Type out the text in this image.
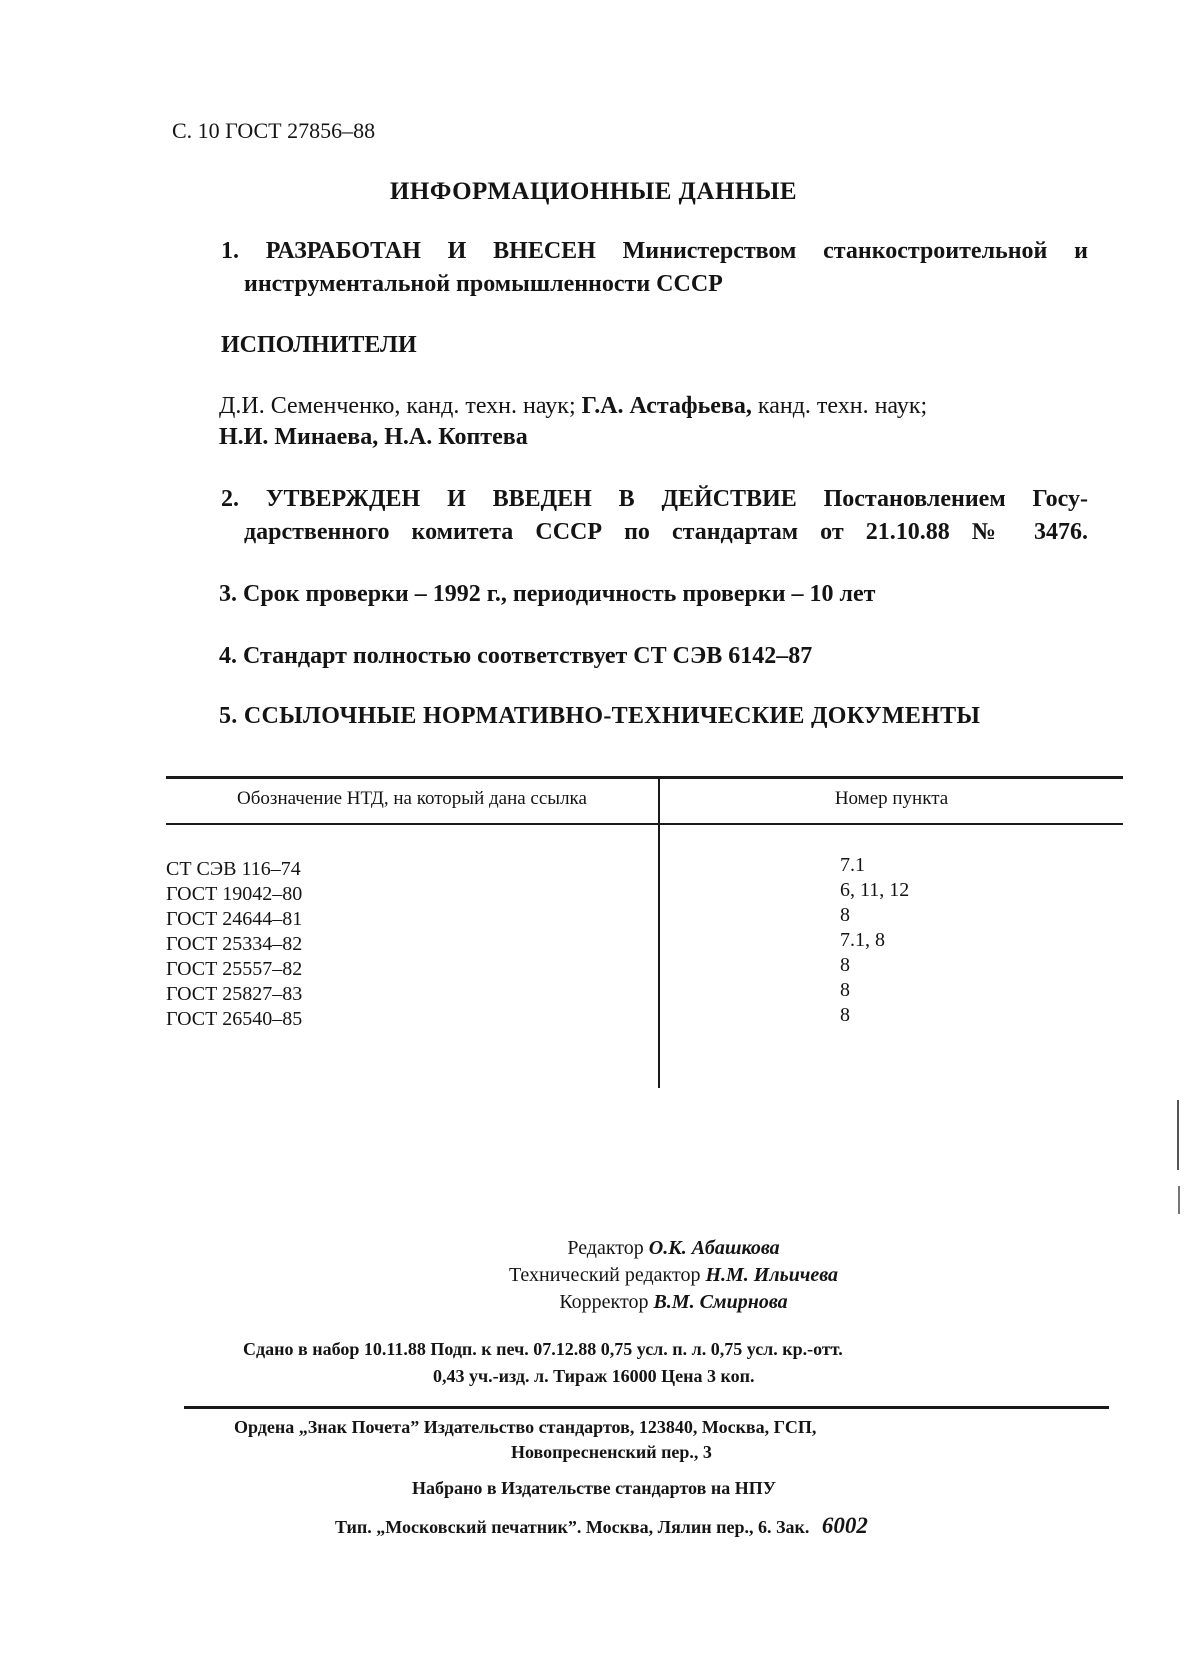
С. 10 ГОСТ 27856–88
ИНФОРМАЦИОННЫЕ ДАННЫЕ
1. РАЗРАБОТАН И ВНЕСЕН Министерством станкостроительной и
инструментальной промышленности СССР
ИСПОЛНИТЕЛИ
Д.И. Семенченко, канд. техн. наук; Г.А. Астафьева, канд. техн. наук;
Н.И. Минаева, Н.А. Коптева
2. УТВЕРЖДЕН И ВВЕДЕН В ДЕЙСТВИЕ Постановлением Госу-
дарственного комитета СССР по стандартам от 21.10.88 № 3476.
3. Срок проверки – 1992 г., периодичность проверки – 10 лет
4. Стандарт полностью соответствует СТ СЭВ 6142–87
5. ССЫЛОЧНЫЕ НОРМАТИВНО-ТЕХНИЧЕСКИЕ ДОКУМЕНТЫ
Обозначение НТД, на который дана ссылка	Номер пункта
СТ СЭВ 116–74	7.1
ГОСТ 19042–80	6, 11, 12
ГОСТ 24644–81	8
ГОСТ 25334–82	7.1, 8
ГОСТ 25557–82	8
ГОСТ 25827–83	8
ГОСТ 26540–85	8
Редактор О.К. Абашкова
Технический редактор Н.М. Ильичева
Корректор В.М. Смирнова
Сдано в набор 10.11.88 Подп. к печ. 07.12.88 0,75 усл. п. л. 0,75 усл. кр.-отт.
0,43 уч.-изд. л. Тираж 16000 Цена 3 коп.
Ордена „Знак Почета” Издательство стандартов, 123840, Москва, ГСП,
Новопресненский пер., 3
Набрано в Издательстве стандартов на НПУ
Тип. „Московский печатник”. Москва, Лялин пер., 6. Зак. 6002
